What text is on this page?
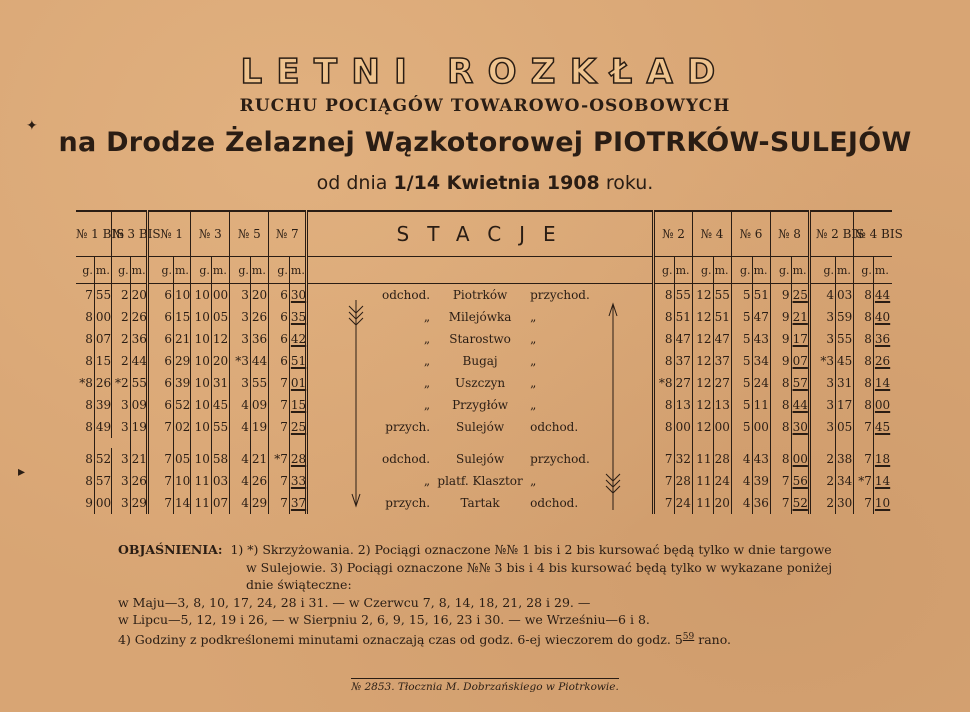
LETNI ROZKŁAD
RUCHU POCIĄGÓW TOWAROWO-OSOBOWYCH
na Drodze Żelaznej Wązkotorowej PIOTRKÓW-SULEJÓW
od dnia 1/14 Kwietnia 1908 roku.
№ 1 BIS		№ 3 BIS			№ 1		№ 3		№ 5		№ 7		STACJE	№ 2		№ 4		№ 6		№ 8			№ 2 BIS		№ 4 BIS	
g.	m.	g.	m.		g.	m.	g.	m.	g.	m.	g.	m.		g.	m.	g.	m.	g.	m.	g.	m.		g.	m.	g.	m.
7	55	2	20		6	10	10	00	3	20	6	30	odchod. Piotrków przychod.	8	55	12	55	5	51	9	25		4	03	8	44
8	00	2	26		6	15	10	05	3	26	6	35	„ Milejówka „	8	51	12	51	5	47	9	21		3	59	8	40
8	07	2	36		6	21	10	12	3	36	6	42	„ Starostwo „	8	47	12	47	5	43	9	17		3	55	8	36
8	15	2	44		6	29	10	20	*3	44	6	51	„ Bugaj „	8	37	12	37	5	34	9	07		*3	45	8	26
*8	26	*2	55		6	39	10	31	3	55	7	01	„ Uszczyn „	*8	27	12	27	5	24	8	57		3	31	8	14
8	39	3	09		6	52	10	45	4	09	7	15	„ Przygłów „	8	13	12	13	5	11	8	44		3	17	8	00
8	49	3	19		7	02	10	55	4	19	7	25	przych. Sulejów odchod.	8	00	12	00	5	00	8	30		3	05	7	45

8	52	3	21		7	05	10	58	4	21	*7	28	odchod. Sulejów przychod.	7	32	11	28	4	43	8	00		2	38	7	18
8	57	3	26		7	10	11	03	4	26	7	33	„ platf. Klasztor „	7	28	11	24	4	39	7	56		2	34	*7	14
9	00	3	29		7	14	11	07	4	29	7	37	przych. Tartak odchod.	7	24	11	20	4	36	7	52		2	30	7	10

OBJAŚNIENIA: 1) *) Skrzyżowania. 2) Pociągi oznaczone №№ 1 bis i 2 bis kursować będą tylko w dnie targowe

w Sulejowie. 3) Pociągi oznaczone №№ 3 bis i 4 bis kursować będą tylko w wykazane poniżej

dnie świąteczne:

w Maju—3, 8, 10, 17, 24, 28 i 31. — w Czerwcu 7, 8, 14, 18, 21, 28 i 29. —

w Lipcu—5, 12, 19 i 26, — w Sierpniu 2, 6, 9, 15, 16, 23 i 30. — we Wrześniu—6 i 8.

4) Godziny z podkreślonemi minutami oznaczają czas od godz. 6-ej wieczorem do godz. $5^{59}$ rano.

№ 2853. Tłocznia M. Dobrzańskiego w Piotrkowie.
✦
▸
